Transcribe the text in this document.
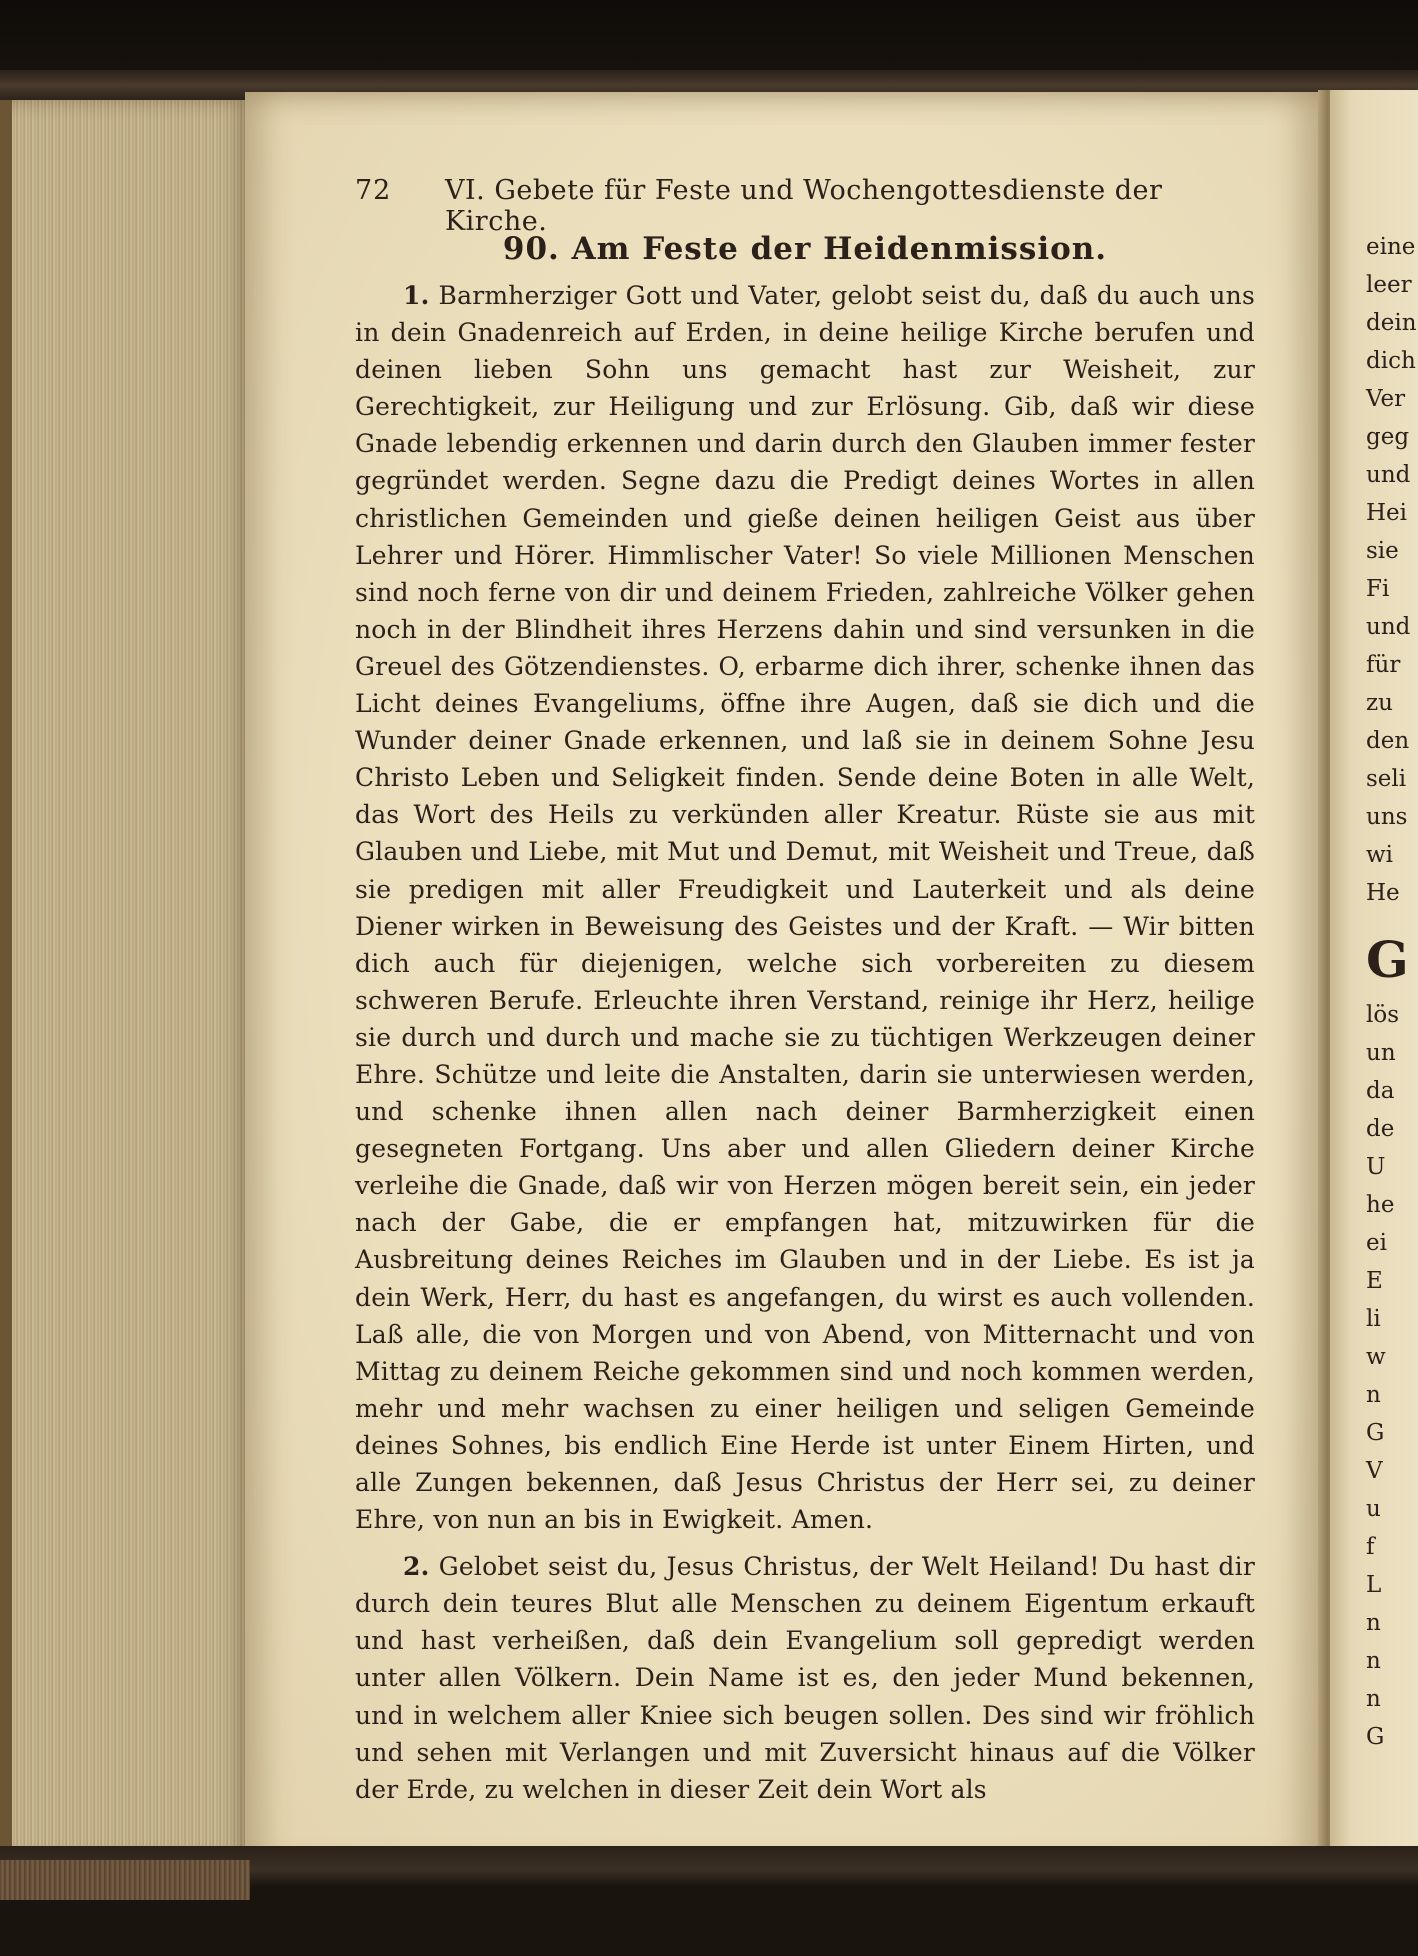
72	VI. Gebete für Feste und Wochengottesdienste der Kirche.
90. Am Feste der Heidenmission.

1. Barmherziger Gott und Vater, gelobt seist du, daß du auch uns in dein Gnadenreich auf Erden, in deine heilige Kirche berufen und deinen lieben Sohn uns gemacht hast zur Weisheit, zur Gerechtigkeit, zur Heiligung und zur Erlösung. Gib, daß wir diese Gnade lebendig erkennen und darin durch den Glauben immer fester gegründet werden. Segne dazu die Predigt deines Wortes in allen christlichen Gemeinden und gieße deinen heiligen Geist aus über Lehrer und Hörer. Himmlischer Vater! So viele Millionen Menschen sind noch ferne von dir und deinem Frieden, zahlreiche Völker gehen noch in der Blindheit ihres Herzens dahin und sind versunken in die Greuel des Götzendienstes. O, erbarme dich ihrer, schenke ihnen das Licht deines Evangeliums, öffne ihre Augen, daß sie dich und die Wunder deiner Gnade erkennen, und laß sie in deinem Sohne Jesu Christo Leben und Seligkeit finden. Sende deine Boten in alle Welt, das Wort des Heils zu verkünden aller Kreatur. Rüste sie aus mit Glauben und Liebe, mit Mut und Demut, mit Weisheit und Treue, daß sie predigen mit aller Freudigkeit und Lauterkeit und als deine Diener wirken in Beweisung des Geistes und der Kraft. — Wir bitten dich auch für diejenigen, welche sich vorbereiten zu diesem schweren Berufe. Erleuchte ihren Verstand, reinige ihr Herz, heilige sie durch und durch und mache sie zu tüchtigen Werkzeugen deiner Ehre. Schütze und leite die Anstalten, darin sie unterwiesen werden, und schenke ihnen allen nach deiner Barmherzigkeit einen gesegneten Fortgang. Uns aber und allen Gliedern deiner Kirche verleihe die Gnade, daß wir von Herzen mögen bereit sein, ein jeder nach der Gabe, die er empfangen hat, mitzuwirken für die Ausbreitung deines Reiches im Glauben und in der Liebe. Es ist ja dein Werk, Herr, du hast es angefangen, du wirst es auch vollenden. Laß alle, die von Morgen und von Abend, von Mitternacht und von Mittag zu deinem Reiche gekommen sind und noch kommen werden, mehr und mehr wachsen zu einer heiligen und seligen Gemeinde deines Sohnes, bis endlich Eine Herde ist unter Einem Hirten, und alle Zungen bekennen, daß Jesus Christus der Herr sei, zu deiner Ehre, von nun an bis in Ewigkeit. Amen.

2. Gelobet seist du, Jesus Christus, der Welt Heiland! Du hast dir durch dein teures Blut alle Menschen zu deinem Eigentum erkauft und hast verheißen, daß dein Evangelium soll gepredigt werden unter allen Völkern. Dein Name ist es, den jeder Mund bekennen, und in welchem aller Kniee sich beugen sollen. Des sind wir fröhlich und sehen mit Verlangen und mit Zuversicht hinaus auf die Völker der Erde, zu welchen in dieser Zeit dein Wort als

eine
leer
dein
dich
Ver
geg
und
Hei
sie
Fi
und
für
zu
den
seli
uns
wi
He
G
lös
un
da
de
U
he
ei
E
li
w
n
G
V
u
f
L
n
n
n
G
